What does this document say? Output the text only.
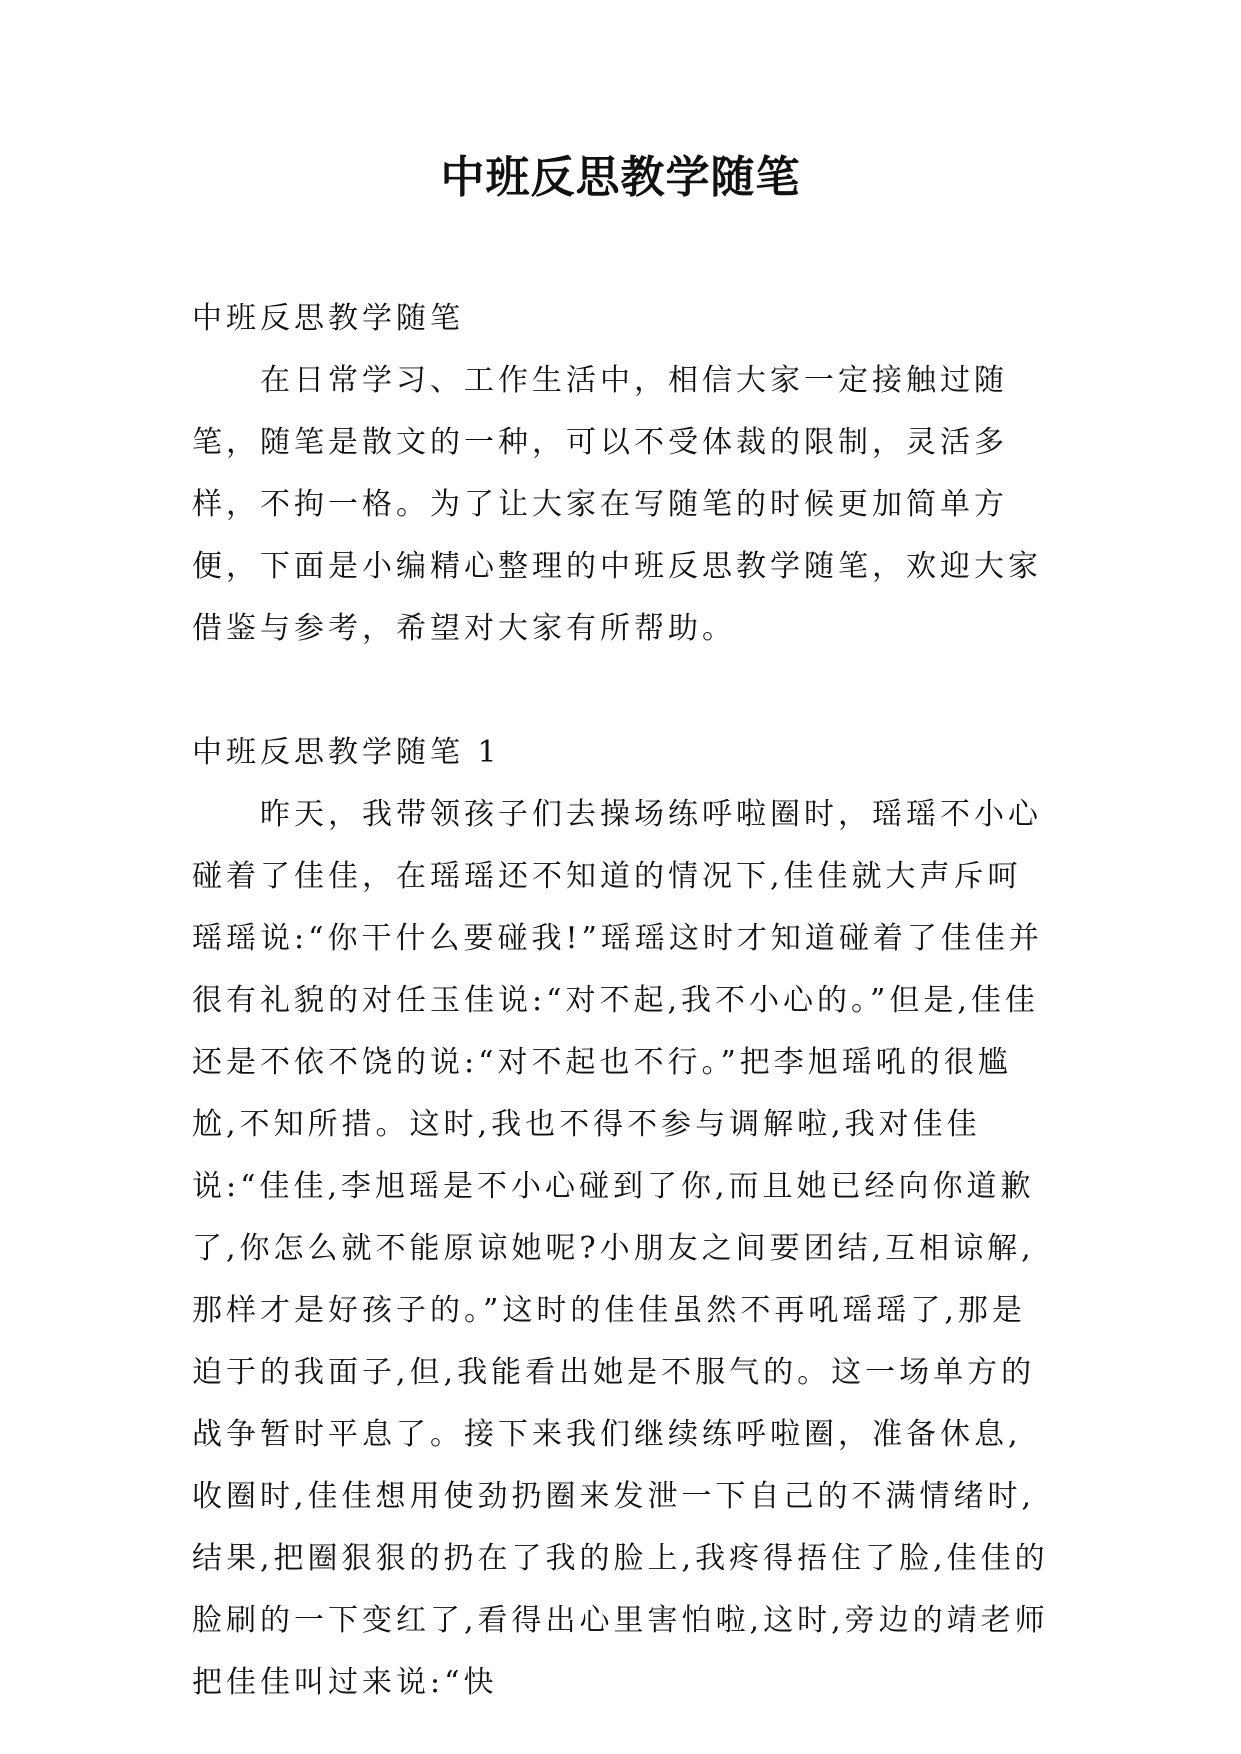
中班反思教学随笔

中班反思教学随笔

在日常学习、工作生活中，相信大家一定接触过随笔，随笔是散文的一种，可以不受体裁的限制，灵活多样，不拘一格。为了让大家在写随笔的时候更加简单方便，下面是小编精心整理的中班反思教学随笔，欢迎大家借鉴与参考，希望对大家有所帮助。

中班反思教学随笔 1

昨天，我带领孩子们去操场练呼啦圈时，瑶瑶不小心碰着了佳佳，在瑶瑶还不知道的情况下,佳佳就大声斥呵瑶瑶说:“你干什么要碰我!”瑶瑶这时才知道碰着了佳佳并很有礼貌的对任玉佳说:“对不起,我不小心的。”但是,佳佳还是不依不饶的说:“对不起也不行。”把李旭瑶吼的很尴尬,不知所措。这时,我也不得不参与调解啦,我对佳佳说:“佳佳,李旭瑶是不小心碰到了你,而且她已经向你道歉了,你怎么就不能原谅她呢?小朋友之间要团结,互相谅解,那样才是好孩子的。”这时的佳佳虽然不再吼瑶瑶了,那是迫于的我面子,但,我能看出她是不服气的。这一场单方的战争暂时平息了。接下来我们继续练呼啦圈，准备休息,收圈时,佳佳想用使劲扔圈来发泄一下自己的不满情绪时,结果,把圈狠狠的扔在了我的脸上,我疼得捂住了脸,佳佳的脸刷的一下变红了,看得出心里害怕啦,这时,旁边的靖老师把佳佳叫过来说:“快
